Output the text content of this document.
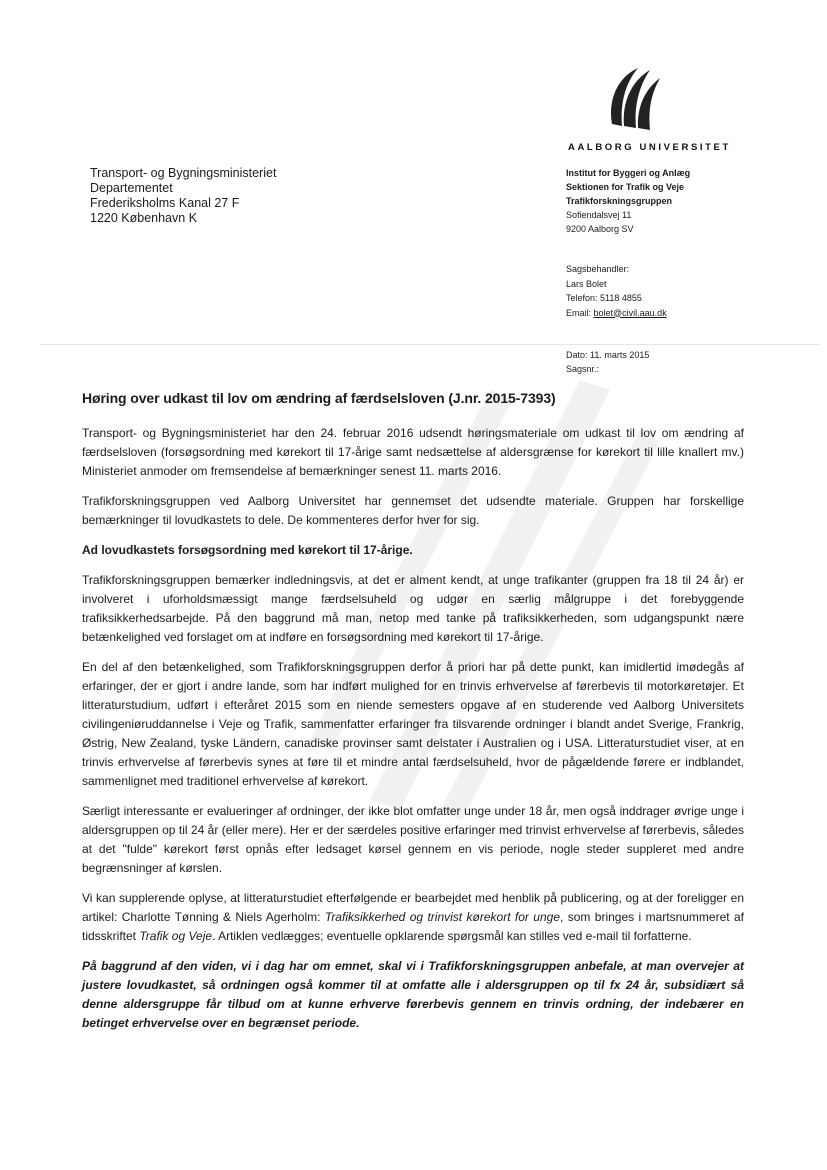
AALBORG UNIVERSITET
Transport- og Bygningsministeriet
Departementet
Frederiksholms Kanal 27 F
1220 København K
Institut for Byggeri og Anlæg
Sektionen for Trafik og Veje
Trafikforskningsgruppen
Sofiendalsvej 11
9200 Aalborg SV
Sagsbehandler:
Lars Bolet
Telefon: 5118 4855
Email: bolet@civil.aau.dk
Dato: 11. marts 2015
Sagsnr.:
Høring over udkast til lov om ændring af færdselsloven (J.nr. 2015-7393)

Transport- og Bygningsministeriet har den 24. februar 2016 udsendt høringsmateriale om udkast til lov om ændring af færdselsloven (forsøgsordning med kørekort til 17-årige samt nedsættelse af aldersgrænse for kørekort til lille knallert mv.) Ministeriet anmoder om fremsendelse af bemærkninger senest 11. marts 2016.

Trafikforskningsgruppen ved Aalborg Universitet har gennemset det udsendte materiale. Gruppen har forskellige bemærkninger til lovudkastets to dele. De kommenteres derfor hver for sig.

Ad lovudkastets forsøgsordning med kørekort til 17-årige.

Trafikforskningsgruppen bemærker indledningsvis, at det er alment kendt, at unge trafikanter (gruppen fra 18 til 24 år) er involveret i uforholdsmæssigt mange færdselsuheld og udgør en særlig målgruppe i det forebyggende trafiksikkerhedsarbejde. På den baggrund må man, netop med tanke på trafiksikkerheden, som udgangspunkt nære betænkelighed ved forslaget om at indføre en forsøgsordning med kørekort til 17-årige.

En del af den betænkelighed, som Trafikforskningsgruppen derfor å priori har på dette punkt, kan imidlertid imødegås af erfaringer, der er gjort i andre lande, som har indført mulighed for en trinvis erhvervelse af førerbevis til motorkøretøjer. Et litteraturstudium, udført i efteråret 2015 som en niende semesters opgave af en studerende ved Aalborg Universitets civilingeniøruddannelse i Veje og Trafik, sammenfatter erfaringer fra tilsvarende ordninger i blandt andet Sverige, Frankrig, Østrig, New Zealand, tyske Ländern, canadiske provinser samt delstater i Australien og i USA. Litteraturstudiet viser, at en trinvis erhvervelse af førerbevis synes at føre til et mindre antal færdselsuheld, hvor de pågældende førere er indblandet, sammenlignet med traditionel erhvervelse af kørekort.

Særligt interessante er evalueringer af ordninger, der ikke blot omfatter unge under 18 år, men også inddrager øvrige unge i aldersgruppen op til 24 år (eller mere). Her er der særdeles positive erfaringer med trinvist erhvervelse af førerbevis, således at det "fulde" kørekort først opnås efter ledsaget kørsel gennem en vis periode, nogle steder suppleret med andre begrænsninger af kørslen.

Vi kan supplerende oplyse, at litteraturstudiet efterfølgende er bearbejdet med henblik på publicering, og at der foreligger en artikel: Charlotte Tønning & Niels Agerholm: Trafiksikkerhed og trinvist kørekort for unge, som bringes i martsnummeret af tidsskriftet Trafik og Veje. Artiklen vedlægges; eventuelle opklarende spørgsmål kan stilles ved e-mail til forfatterne.

På baggrund af den viden, vi i dag har om emnet, skal vi i Trafikforskningsgruppen anbefale, at man overvejer at justere lovudkastet, så ordningen også kommer til at omfatte alle i aldersgruppen op til fx 24 år, subsidiært så denne aldersgruppe får tilbud om at kunne erhverve førerbevis gennem en trinvis ordning, der indebærer en betinget erhvervelse over en begrænset periode.
